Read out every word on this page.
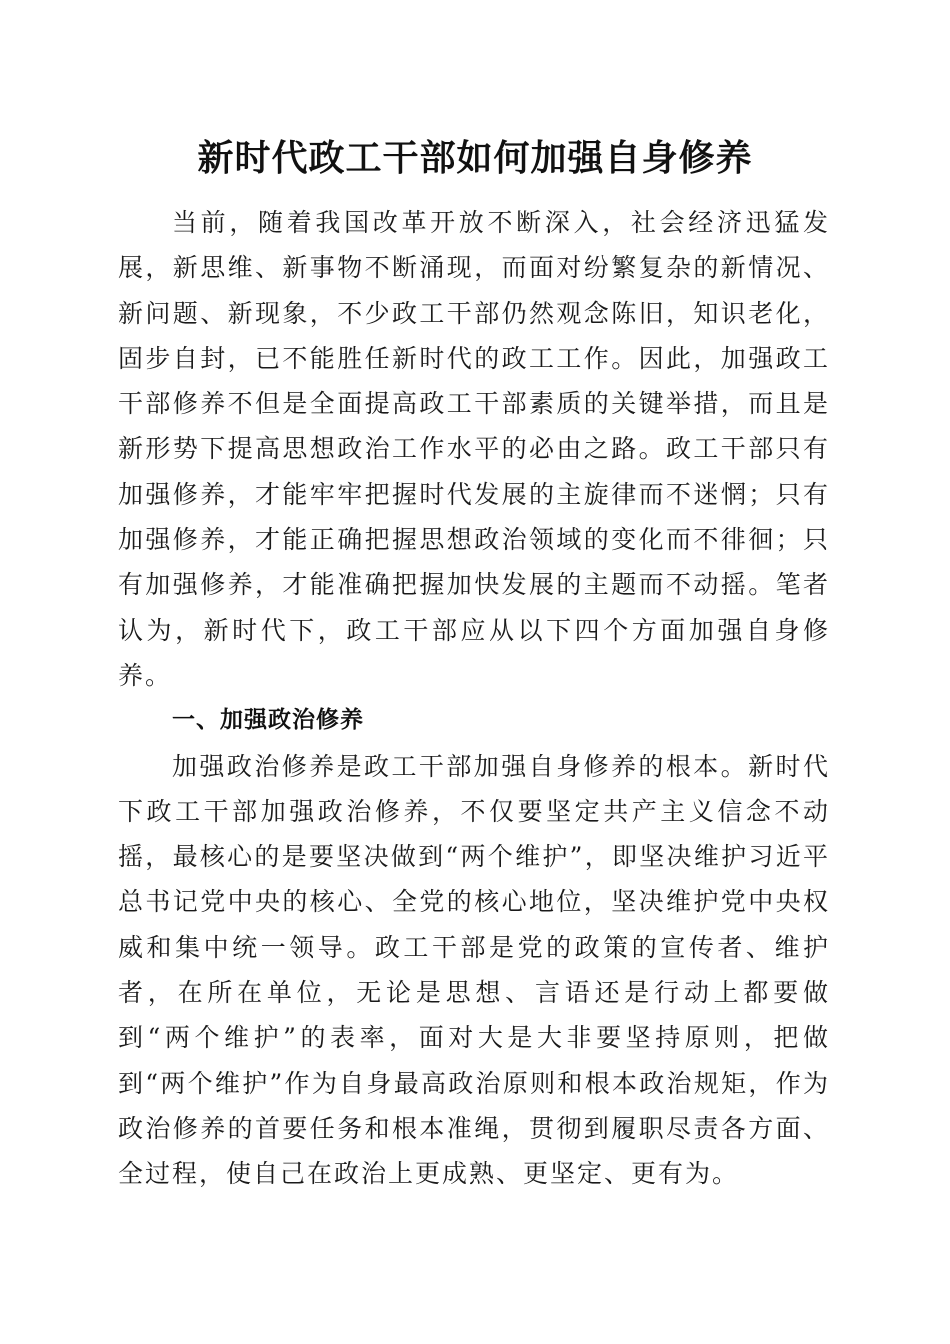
新时代政工干部如何加强自身修养

当前，随着我国改革开放不断深入，社会经济迅猛发展，新思维、新事物不断涌现，而面对纷繁复杂的新情况、新问题、新现象，不少政工干部仍然观念陈旧，知识老化，固步自封，已不能胜任新时代的政工工作。因此，加强政工干部修养不但是全面提高政工干部素质的关键举措，而且是新形势下提高思想政治工作水平的必由之路。政工干部只有加强修养，才能牢牢把握时代发展的主旋律而不迷惘；只有加强修养，才能正确把握思想政治领域的变化而不徘徊；只有加强修养，才能准确把握加快发展的主题而不动摇。笔者认为，新时代下，政工干部应从以下四个方面加强自身修养。

一、加强政治修养

加强政治修养是政工干部加强自身修养的根本。新时代下政工干部加强政治修养，不仅要坚定共产主义信念不动摇，最核心的是要坚决做到“两个维护”，即坚决维护习近平总书记党中央的核心、全党的核心地位，坚决维护党中央权威和集中统一领导。政工干部是党的政策的宣传者、维护者，在所在单位，无论是思想、言语还是行动上都要做到“两个维护”的表率，面对大是大非要坚持原则，把做到“两个维护”作为自身最高政治原则和根本政治规矩，作为政治修养的首要任务和根本准绳，贯彻到履职尽责各方面、全过程，使自己在政治上更成熟、更坚定、更有为。
